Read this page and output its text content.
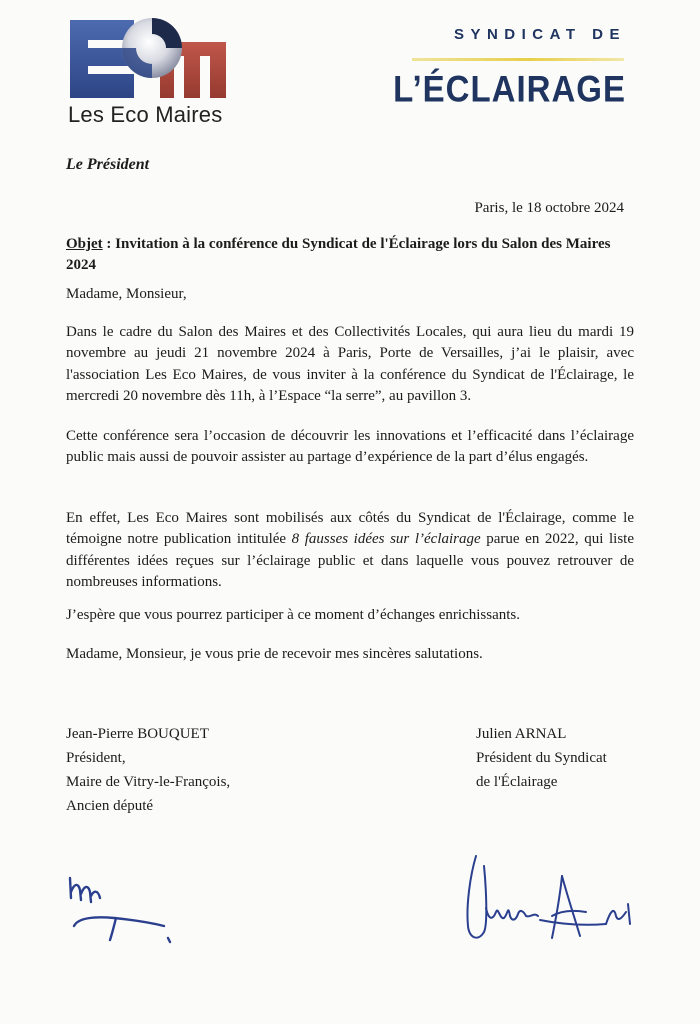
Les Eco Maires
SYNDICAT DE
L’ÉCLAIRAGE
Le Président
Paris, le 18 octobre 2024
Objet : Invitation à la conférence du Syndicat de l'Éclairage lors du Salon des Maires 2024
Madame, Monsieur,
Dans le cadre du Salon des Maires et des Collectivités Locales, qui aura lieu du mardi 19 novembre au jeudi 21 novembre 2024 à Paris, Porte de Versailles, j’ai le plaisir, avec l'association Les Eco Maires, de vous inviter à la conférence du Syndicat de l'Éclairage, le mercredi 20 novembre dès 11h, à l’Espace “la serre”, au pavillon 3.
Cette conférence sera l’occasion de découvrir les innovations et l’efficacité dans l’éclairage public mais aussi de pouvoir assister au partage d’expérience de la part d’élus engagés.
En effet, Les Eco Maires sont mobilisés aux côtés du Syndicat de l'Éclairage, comme le témoigne notre publication intitulée 8 fausses idées sur l’éclairage parue en 2022, qui liste différentes idées reçues sur l’éclairage public et dans laquelle vous pouvez retrouver de nombreuses informations.
J’espère que vous pourrez participer à ce moment d’échanges enrichissants.
Madame, Monsieur, je vous prie de recevoir mes sincères salutations.
Jean-Pierre BOUQUET
Président,
Maire de Vitry-le-François,
Ancien député
Julien ARNAL
Président du Syndicat
de l'Éclairage
